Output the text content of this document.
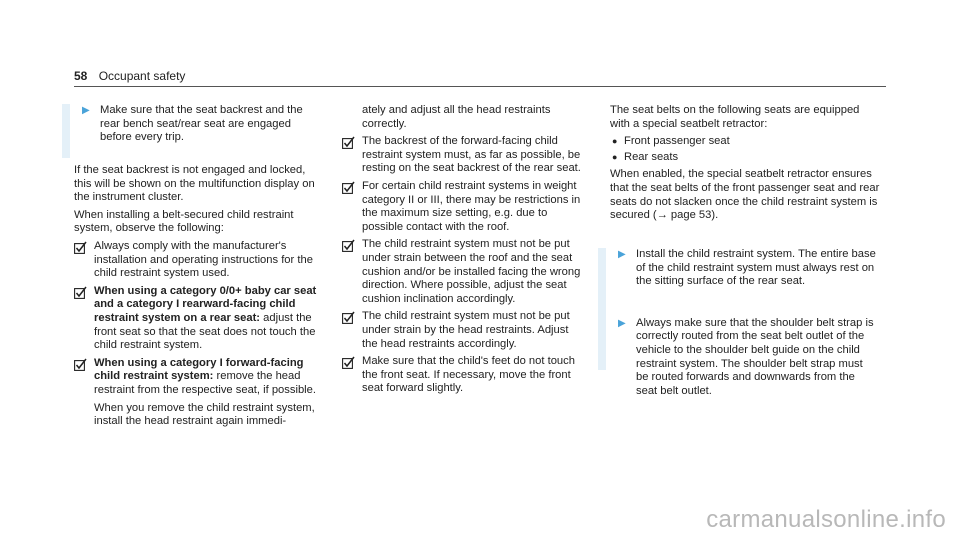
58 Occupant safety
▶ Make sure that the seat backrest and the rear bench seat/rear seat are engaged before every trip.

If the seat backrest is not engaged and locked, this will be shown on the multifunction display on the instrument cluster.

When installing a belt-secured child restraint system, observe the following:

Always comply with the manufacturer's installation and operating instructions for the child restraint system used.
When using a category 0/0+ baby car seat and a category I rearward-facing child restraint system on a rear seat: adjust the front seat so that the seat does not touch the child restraint system.
When using a category I forward-facing child restraint system: remove the head restraint from the respective seat, if possible.

When you remove the child restraint system, install the head restraint again immedi-

ately and adjust all the head restraints correctly.

The backrest of the forward-facing child restraint system must, as far as possible, be resting on the seat backrest of the rear seat.
For certain child restraint systems in weight category II or III, there may be restrictions in the maximum size setting, e.g. due to possible contact with the roof.
The child restraint system must not be put under strain between the roof and the seat cushion and/or be installed facing the wrong direction. Where possible, adjust the seat cushion inclination accordingly.
The child restraint system must not be put under strain by the head restraints. Adjust the head restraints accordingly.
Make sure that the child's feet do not touch the front seat. If necessary, move the front seat forward slightly.

The seat belts on the following seats are equipped with a special seatbelt retractor:

● Front passenger seat
● Rear seats

When enabled, the special seatbelt retractor ensures that the seat belts of the front passenger seat and rear seats do not slacken once the child restraint system is secured (→ page 53).

▶ Install the child restraint system. The entire base of the child restraint system must always rest on the sitting surface of the rear seat.
▶ Always make sure that the shoulder belt strap is correctly routed from the seat belt outlet of the vehicle to the shoulder belt guide on the child restraint system. The shoulder belt strap must be routed forwards and downwards from the seat belt outlet.
carmanualsonline.info
